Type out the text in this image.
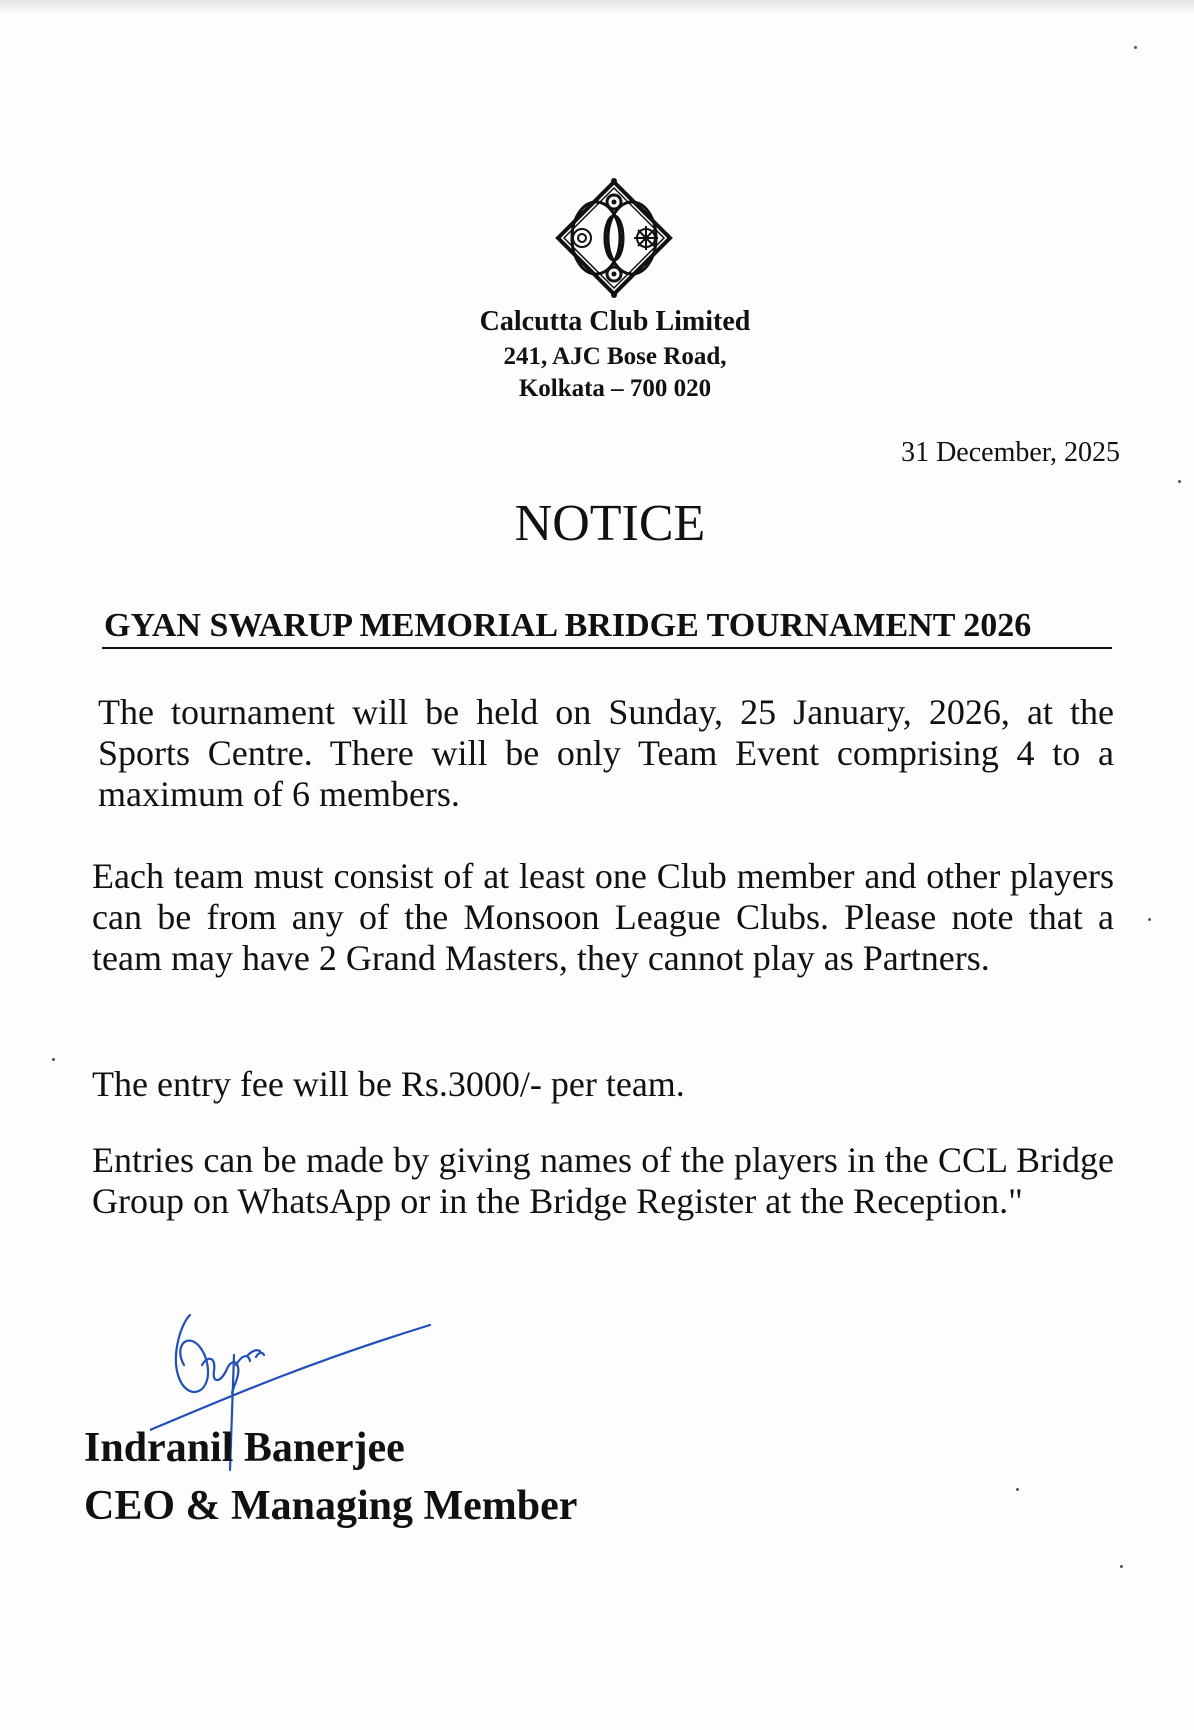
Calcutta Club Limited
241, AJC Bose Road,
Kolkata – 700 020
31 December, 2025
NOTICE
GYAN SWARUP MEMORIAL BRIDGE TOURNAMENT 2026

The tournament will be held on Sunday, 25 January, 2026, at the Sports Centre. There will be only Team Event comprising 4 to a maximum of 6 members.

Each team must consist of at least one Club member and other players can be from any of the Monsoon League Clubs. Please note that a team may have 2 Grand Masters, they cannot play as Partners.

The entry fee will be Rs.3000/- per team.

Entries can be made by giving names of the players in the CCL Bridge Group on WhatsApp or in the Bridge Register at the Reception."

Indranil Banerjee
CEO & Managing Member
